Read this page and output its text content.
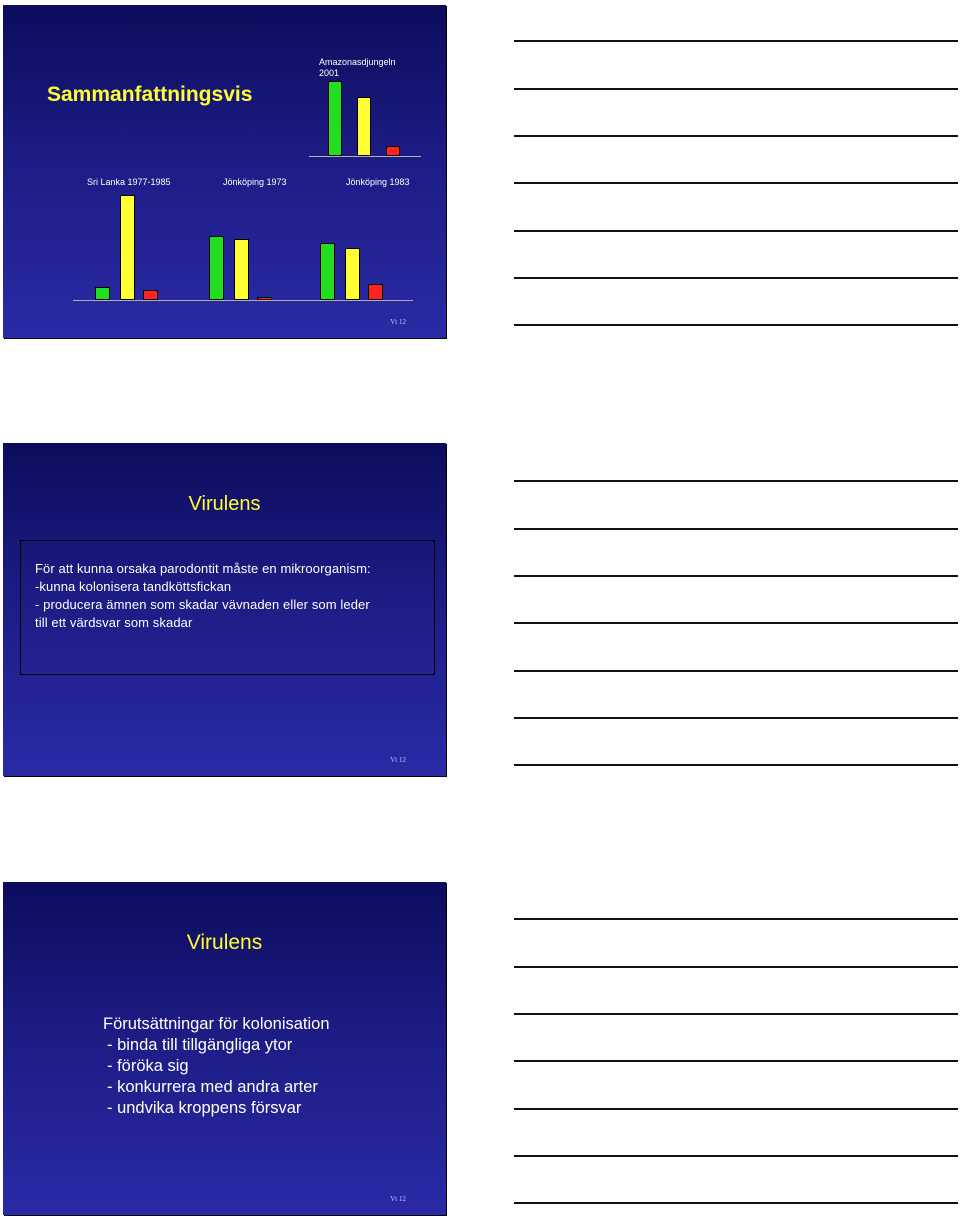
Sammanfattningsvis
Amazonasdjungeln 2001
Sri Lanka 1977-1985	Jönköping 1973	Jönköping 1983
Vt 12
Virulens
För att kunna orsaka parodontit måste en mikroorganism:
-kunna kolonisera tandköttsfickan
- producera ämnen som skadar vävnaden eller som leder
till ett värdsvar som skadar
Vt 12
Virulens
Förutsättningar för kolonisation
- binda till tillgängliga ytor
- föröka sig
- konkurrera med andra arter
- undvika kroppens försvar
Vt 12
